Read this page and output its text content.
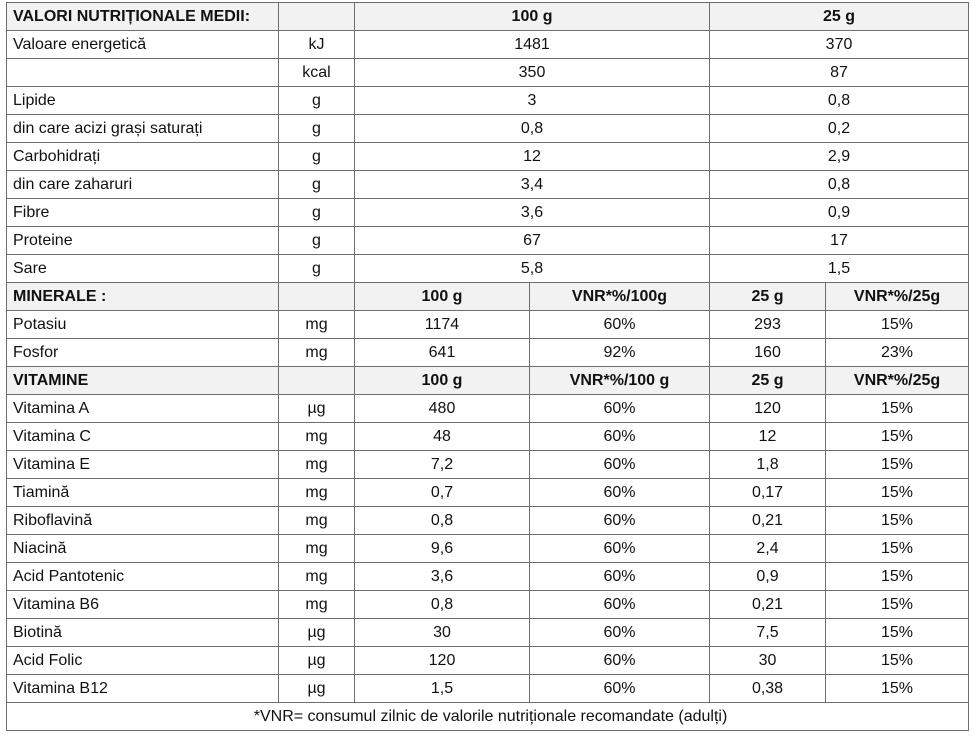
VALORI NUTRIȚIONALE MEDII:		100 g		25 g	
Valoare energetică	kJ	1481		370	
	kcal	350		87	
Lipide	g	3		0,8	
din care acizi grași saturați	g	0,8		0,2	
Carbohidrați	g	12		2,9	
din care zaharuri	g	3,4		0,8	
Fibre	g	3,6		0,9	
Proteine	g	67		17	
Sare	g	5,8		1,5	
MINERALE :		100 g	VNR*%/100g	25 g	VNR*%/25g
Potasiu	mg	1174	60%	293	15%
Fosfor	mg	641	92%	160	23%
VITAMINE		100 g	VNR*%/100 g	25 g	VNR*%/25g
Vitamina A	µg	480	60%	120	15%
Vitamina C	mg	48	60%	12	15%
Vitamina E	mg	7,2	60%	1,8	15%
Tiamină	mg	0,7	60%	0,17	15%
Riboflavină	mg	0,8	60%	0,21	15%
Niacină	mg	9,6	60%	2,4	15%
Acid Pantotenic	mg	3,6	60%	0,9	15%
Vitamina B6	mg	0,8	60%	0,21	15%
Biotină	µg	30	60%	7,5	15%
Acid Folic	µg	120	60%	30	15%
Vitamina B12	µg	1,5	60%	0,38	15%
*VNR= consumul zilnic de valorile nutriționale recomandate (adulți)					
